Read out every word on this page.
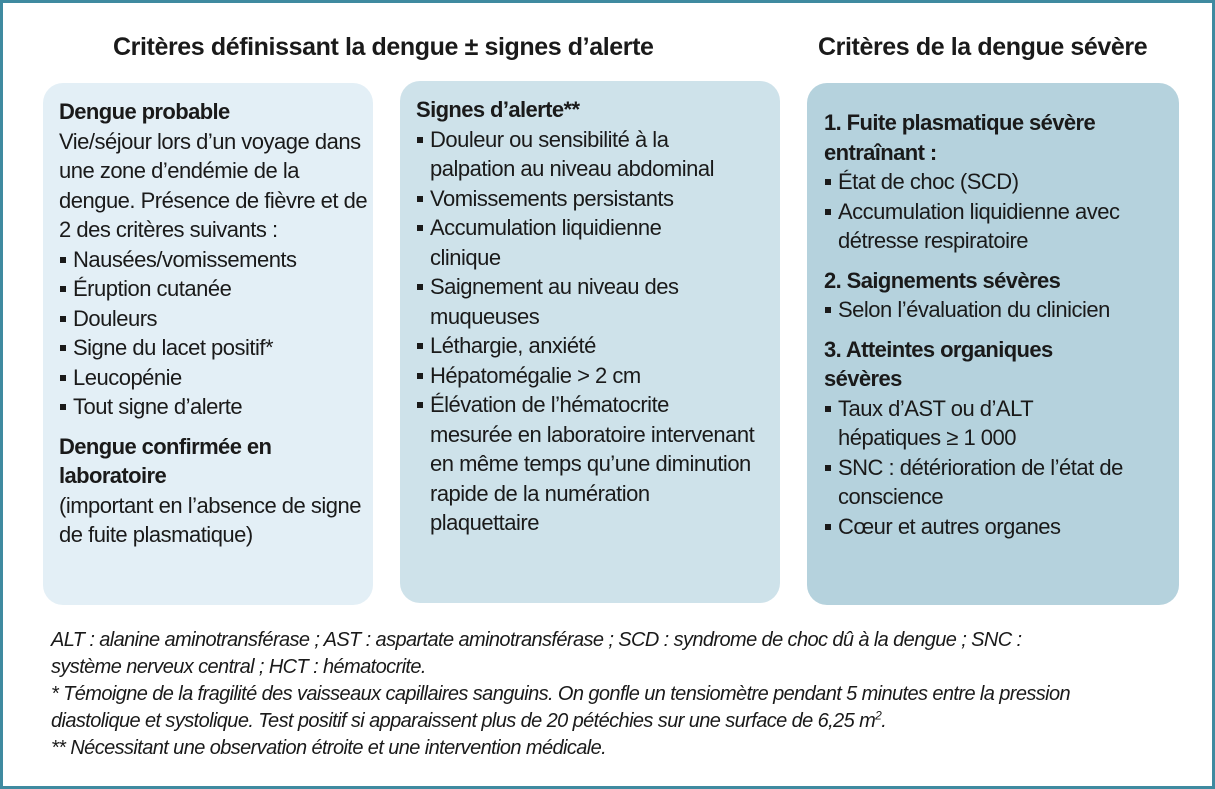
Critères définissant la dengue ± signes d’alerte	Critères de la dengue sévère
Dengue probable
Vie/séjour lors d’un voyage dans une zone d’endémie de la dengue. Présence de fièvre et de 2 des critères suivants :
Nausées/vomissements
Éruption cutanée
Douleurs
Signe du lacet positif*
Leucopénie
Tout signe d’alerte
Dengue confirmée en laboratoire
(important en l’absence de signe de fuite plasmatique)
Signes d’alerte**
Douleur ou sensibilité à la palpation au niveau abdominal
Vomissements persistants
Accumulation liquidienne clinique
Saignement au niveau des muqueuses
Léthargie, anxiété
Hépatomégalie > 2 cm
Élévation de l’hématocrite mesurée en laboratoire intervenant en même temps qu’une diminution rapide de la numération plaquettaire
1. Fuite plasmatique sévère entraînant :
État de choc (SCD)
Accumulation liquidienne avec détresse respiratoire
2. Saignements sévères
Selon l’évaluation du clinicien
3. Atteintes organiques sévères
Taux d’AST ou d’ALT hépatiques ≥ 1 000
SNC : détérioration de l’état de conscience
Cœur et autres organes
ALT : alanine aminotransférase ; AST : aspartate aminotransférase ; SCD : syndrome de choc dû à la dengue ; SNC : système nerveux central ; HCT : hématocrite.
* Témoigne de la fragilité des vaisseaux capillaires sanguins. On gonfle un tensiomètre pendant 5 minutes entre la pression diastolique et systolique. Test positif si apparaissent plus de 20 pétéchies sur une surface de 6,25 $m^2$.
** Nécessitant une observation étroite et une intervention médicale.
